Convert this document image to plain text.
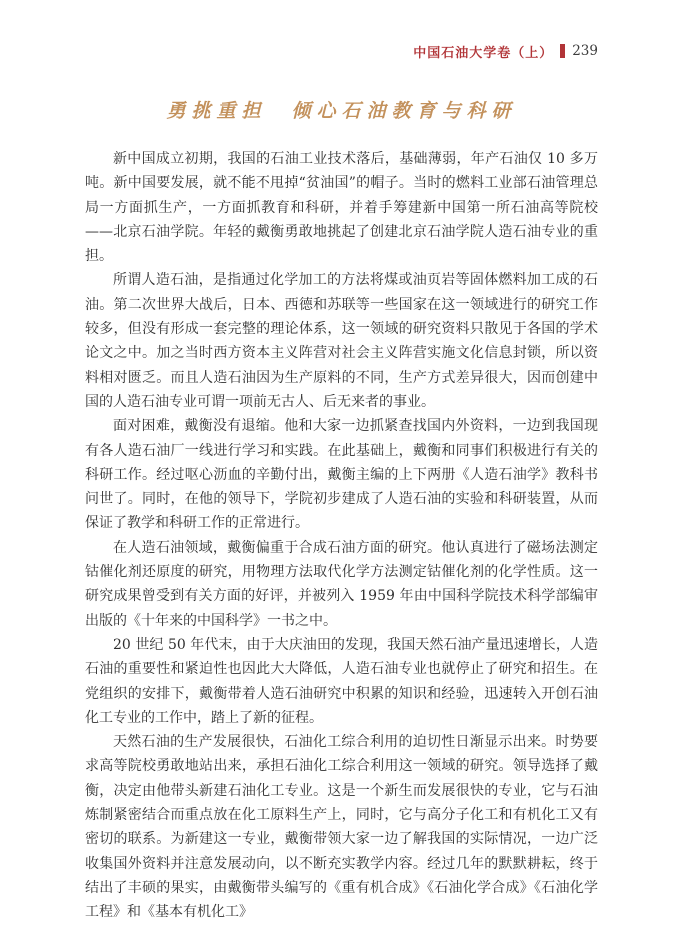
中国石油大学卷（上） 239
勇挑重担　倾心石油教育与科研

新中国成立初期，我国的石油工业技术落后，基础薄弱，年产石油仅 10 多万吨。新中国要发展，就不能不甩掉“贫油国”的帽子。当时的燃料工业部石油管理总局一方面抓生产，一方面抓教育和科研，并着手筹建新中国第一所石油高等院校——北京石油学院。年轻的戴衡勇敢地挑起了创建北京石油学院人造石油专业的重担。

所谓人造石油，是指通过化学加工的方法将煤或油页岩等固体燃料加工成的石油。第二次世界大战后，日本、西德和苏联等一些国家在这一领域进行的研究工作较多，但没有形成一套完整的理论体系，这一领域的研究资料只散见于各国的学术论文之中。加之当时西方资本主义阵营对社会主义阵营实施文化信息封锁，所以资料相对匮乏。而且人造石油因为生产原料的不同，生产方式差异很大，因而创建中国的人造石油专业可谓一项前无古人、后无来者的事业。

面对困难，戴衡没有退缩。他和大家一边抓紧查找国内外资料，一边到我国现有各人造石油厂一线进行学习和实践。在此基础上，戴衡和同事们积极进行有关的科研工作。经过呕心沥血的辛勤付出，戴衡主编的上下两册《人造石油学》教科书问世了。同时，在他的领导下，学院初步建成了人造石油的实验和科研装置，从而保证了教学和科研工作的正常进行。

在人造石油领域，戴衡偏重于合成石油方面的研究。他认真进行了磁场法测定钴催化剂还原度的研究，用物理方法取代化学方法测定钴催化剂的化学性质。这一研究成果曾受到有关方面的好评，并被列入 1959 年由中国科学院技术科学部编审出版的《十年来的中国科学》一书之中。

20 世纪 50 年代末，由于大庆油田的发现，我国天然石油产量迅速增长，人造石油的重要性和紧迫性也因此大大降低，人造石油专业也就停止了研究和招生。在党组织的安排下，戴衡带着人造石油研究中积累的知识和经验，迅速转入开创石油化工专业的工作中，踏上了新的征程。

天然石油的生产发展很快，石油化工综合利用的迫切性日渐显示出来。时势要求高等院校勇敢地站出来，承担石油化工综合利用这一领域的研究。领导选择了戴衡，决定由他带头新建石油化工专业。这是一个新生而发展很快的专业，它与石油炼制紧密结合而重点放在化工原料生产上，同时，它与高分子化工和有机化工又有密切的联系。为新建这一专业，戴衡带领大家一边了解我国的实际情况，一边广泛收集国外资料并注意发展动向，以不断充实教学内容。经过几年的默默耕耘，终于结出了丰硕的果实，由戴衡带头编写的《重有机合成》《石油化学合成》《石油化学工程》和《基本有机化工》
